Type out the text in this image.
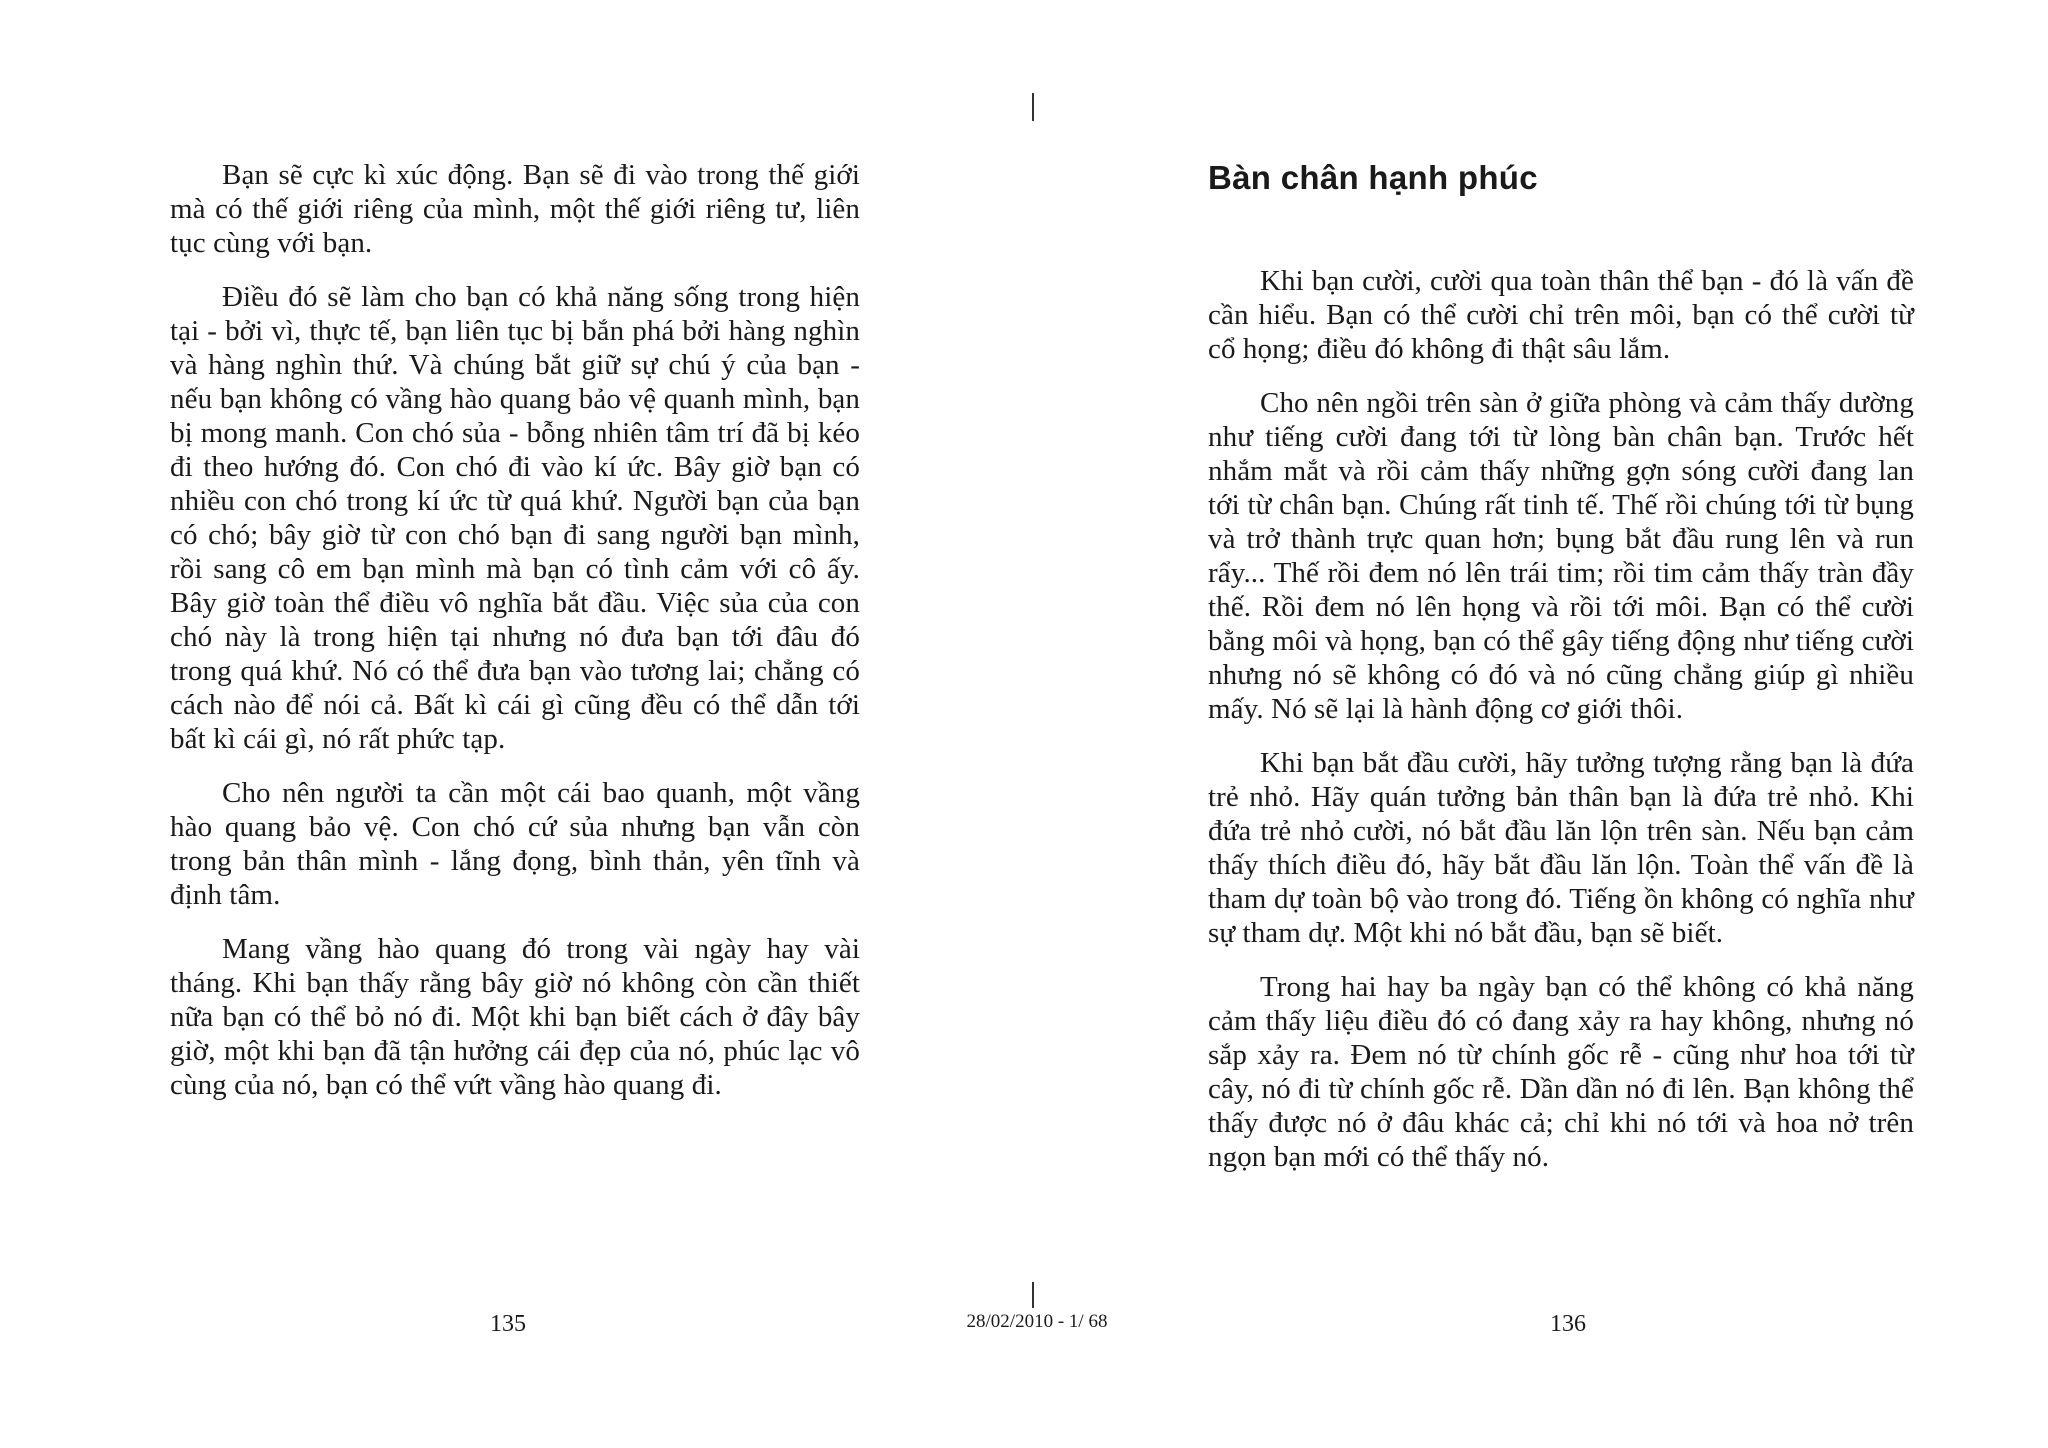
Bạn sẽ cực kì xúc động. Bạn sẽ đi vào trong thế giới mà có thế giới riêng của mình, một thế giới riêng tư, liên tục cùng với bạn.

Điều đó sẽ làm cho bạn có khả năng sống trong hiện tại - bởi vì, thực tế, bạn liên tục bị bắn phá bởi hàng nghìn và hàng nghìn thứ. Và chúng bắt giữ sự chú ý của bạn - nếu bạn không có vầng hào quang bảo vệ quanh mình, bạn bị mong manh. Con chó sủa - bỗng nhiên tâm trí đã bị kéo đi theo hướng đó. Con chó đi vào kí ức. Bây giờ bạn có nhiều con chó trong kí ức từ quá khứ. Người bạn của bạn có chó; bây giờ từ con chó bạn đi sang người bạn mình, rồi sang cô em bạn mình mà bạn có tình cảm với cô ấy. Bây giờ toàn thể điều vô nghĩa bắt đầu. Việc sủa của con chó này là trong hiện tại nhưng nó đưa bạn tới đâu đó trong quá khứ. Nó có thể đưa bạn vào tương lai; chẳng có cách nào để nói cả. Bất kì cái gì cũng đều có thể dẫn tới bất kì cái gì, nó rất phức tạp.

Cho nên người ta cần một cái bao quanh, một vầng hào quang bảo vệ. Con chó cứ sủa nhưng bạn vẫn còn trong bản thân mình - lắng đọng, bình thản, yên tĩnh và định tâm.

Mang vầng hào quang đó trong vài ngày hay vài tháng. Khi bạn thấy rằng bây giờ nó không còn cần thiết nữa bạn có thể bỏ nó đi. Một khi bạn biết cách ở đây bây giờ, một khi bạn đã tận hưởng cái đẹp của nó, phúc lạc vô cùng của nó, bạn có thể vứt vầng hào quang đi.

Bàn chân hạnh phúc

Khi bạn cười, cười qua toàn thân thể bạn - đó là vấn đề cần hiểu. Bạn có thể cười chỉ trên môi, bạn có thể cười từ cổ họng; điều đó không đi thật sâu lắm.

Cho nên ngồi trên sàn ở giữa phòng và cảm thấy dường như tiếng cười đang tới từ lòng bàn chân bạn. Trước hết nhắm mắt và rồi cảm thấy những gợn sóng cười đang lan tới từ chân bạn. Chúng rất tinh tế. Thế rồi chúng tới từ bụng và trở thành trực quan hơn; bụng bắt đầu rung lên và run rẩy... Thế rồi đem nó lên trái tim; rồi tim cảm thấy tràn đầy thế. Rồi đem nó lên họng và rồi tới môi. Bạn có thể cười bằng môi và họng, bạn có thể gây tiếng động như tiếng cười nhưng nó sẽ không có đó và nó cũng chẳng giúp gì nhiều mấy. Nó sẽ lại là hành động cơ giới thôi.

Khi bạn bắt đầu cười, hãy tưởng tượng rằng bạn là đứa trẻ nhỏ. Hãy quán tưởng bản thân bạn là đứa trẻ nhỏ. Khi đứa trẻ nhỏ cười, nó bắt đầu lăn lộn trên sàn. Nếu bạn cảm thấy thích điều đó, hãy bắt đầu lăn lộn. Toàn thể vấn đề là tham dự toàn bộ vào trong đó. Tiếng ồn không có nghĩa như sự tham dự. Một khi nó bắt đầu, bạn sẽ biết.

Trong hai hay ba ngày bạn có thể không có khả năng cảm thấy liệu điều đó có đang xảy ra hay không, nhưng nó sắp xảy ra. Đem nó từ chính gốc rễ - cũng như hoa tới từ cây, nó đi từ chính gốc rễ. Dần dần nó đi lên. Bạn không thể thấy được nó ở đâu khác cả; chỉ khi nó tới và hoa nở trên ngọn bạn mới có thể thấy nó.

135	28/02/2010 - 1/ 68	136
